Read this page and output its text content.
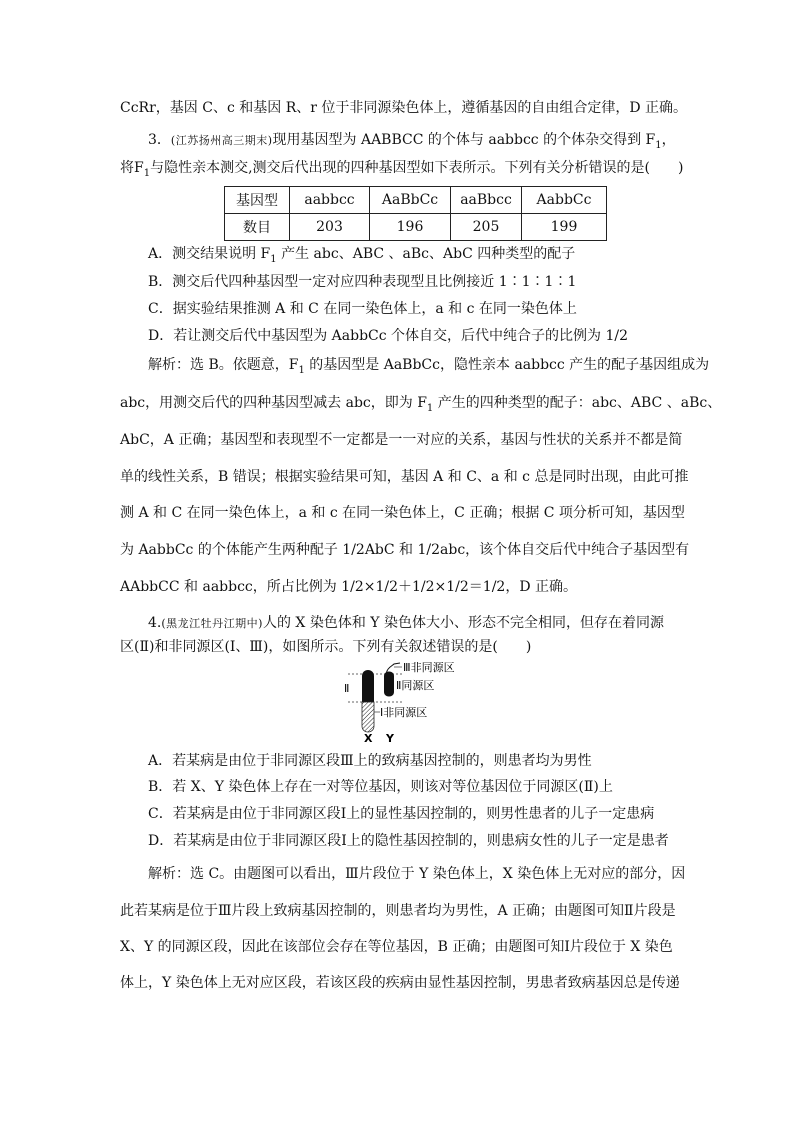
CcRr，基因 C、c 和基因 R、r 位于非同源染色体上，遵循基因的自由组合定律，D 正确。
3．(江苏扬州高三期末)现用基因型为 AABBCC 的个体与 aabbcc 的个体杂交得到 $F_1$，
将$F_1$与隐性亲本测交,测交后代出现的四种基因型如下表所示。下列有关分析错误的是(　　)
基因型	aabbcc	AaBbCc	aaBbcc	AabbCc
数目	203	196	205	199
A．测交结果说明 $F_1$ 产生 abc、ABC 、aBc、AbC 四种类型的配子
B．测交后代四种基因型一定对应四种表现型且比例接近 1∶1∶1∶1
C．据实验结果推测 A 和 C 在同一染色体上，a 和 c 在同一染色体上
D．若让测交后代中基因型为 AabbCc 个体自交，后代中纯合子的比例为 1/2
解析：选 B。依题意，$F_1$ 的基因型是 AaBbCc，隐性亲本 aabbcc 产生的配子基因组成为
abc，用测交后代的四种基因型减去 abc，即为 $F_1$ 产生的四种类型的配子：abc、ABC 、aBc、
AbC，A 正确；基因型和表现型不一定都是一一对应的关系，基因与性状的关系并不都是简
单的线性关系，B 错误；根据实验结果可知，基因 A 和 C、a 和 c 总是同时出现，由此可推
测 A 和 C 在同一染色体上，a 和 c 在同一染色体上，C 正确；根据 C 项分析可知，基因型
为 AabbCc 的个体能产生两种配子 1/2AbC 和 1/2abc，该个体自交后代中纯合子基因型有
AAbbCC 和 aabbcc，所占比例为 1/2×1/2＋1/2×1/2＝1/2，D 正确。
4.(黑龙江牡丹江期中)人的 X 染色体和 Y 染色体大小、形态不完全相同，但存在着同源
区(Ⅱ)和非同源区(Ⅰ、Ⅲ)，如图所示。下列有关叙述错误的是(　　)
Ⅲ非同源区
Ⅱ	Ⅱ同源区
Ⅰ非同源区
X Y
A．若某病是由位于非同源区段Ⅲ上的致病基因控制的，则患者均为男性
B．若 X、Y 染色体上存在一对等位基因，则该对等位基因位于同源区(Ⅱ)上
C．若某病是由位于非同源区段Ⅰ上的显性基因控制的，则男性患者的儿子一定患病
D．若某病是由位于非同源区段Ⅰ上的隐性基因控制的，则患病女性的儿子一定是患者
解析：选 C。由题图可以看出，Ⅲ片段位于 Y 染色体上，X 染色体上无对应的部分，因
此若某病是位于Ⅲ片段上致病基因控制的，则患者均为男性，A 正确；由题图可知Ⅱ片段是
X、Y 的同源区段，因此在该部位会存在等位基因，B 正确；由题图可知Ⅰ片段位于 X 染色
体上，Y 染色体上无对应区段，若该区段的疾病由显性基因控制，男患者致病基因总是传递
